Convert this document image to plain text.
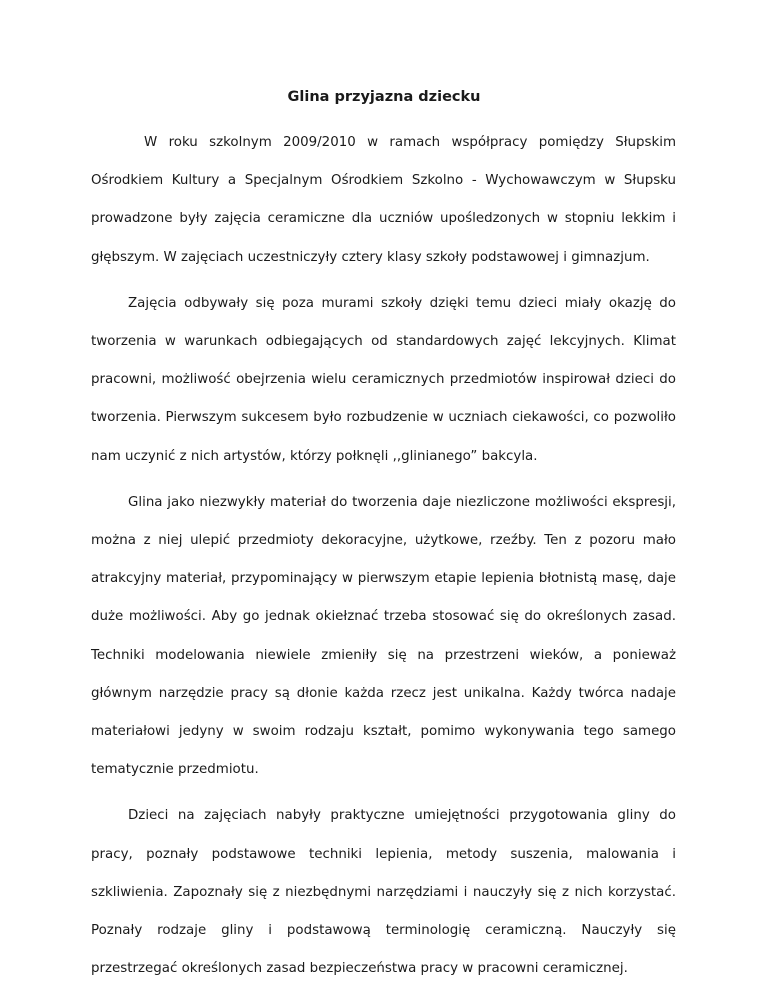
Glina przyjazna dziecku

W roku szkolnym 2009/2010 w ramach współpracy pomiędzy Słupskim Ośrodkiem Kultury a Specjalnym Ośrodkiem Szkolno - Wychowawczym w Słupsku prowadzone były zajęcia ceramiczne dla uczniów upośledzonych w stopniu lekkim i głębszym. W zajęciach uczestniczyły cztery klasy szkoły podstawowej i gimnazjum.

Zajęcia odbywały się poza murami szkoły dzięki temu dzieci miały okazję do tworzenia w warunkach odbiegających od standardowych zajęć lekcyjnych. Klimat pracowni, możliwość obejrzenia wielu ceramicznych przedmiotów inspirował dzieci do tworzenia. Pierwszym sukcesem było rozbudzenie w uczniach ciekawości, co pozwoliło nam uczynić z nich artystów, którzy połknęli ,,glinianego” bakcyla.

Glina jako niezwykły materiał do tworzenia daje niezliczone możliwości ekspresji, można z niej ulepić przedmioty dekoracyjne, użytkowe, rzeźby. Ten z pozoru mało atrakcyjny materiał, przypominający w pierwszym etapie lepienia błotnistą masę, daje duże możliwości. Aby go jednak okiełznać trzeba stosować się do określonych zasad. Techniki modelowania niewiele zmieniły się na przestrzeni wieków, a ponieważ głównym narzędzie pracy są dłonie każda rzecz jest unikalna. Każdy twórca nadaje materiałowi jedyny w swoim rodzaju kształt, pomimo wykonywania tego samego tematycznie przedmiotu.

Dzieci na zajęciach nabyły praktyczne umiejętności przygotowania gliny do pracy, poznały podstawowe techniki lepienia, metody suszenia, malowania i szkliwienia. Zapoznały się z niezbędnymi narzędziami i nauczyły się z nich korzystać. Poznały rodzaje gliny i podstawową terminologię ceramiczną. Nauczyły się przestrzegać określonych zasad bezpieczeństwa pracy w pracowni ceramicznej.
